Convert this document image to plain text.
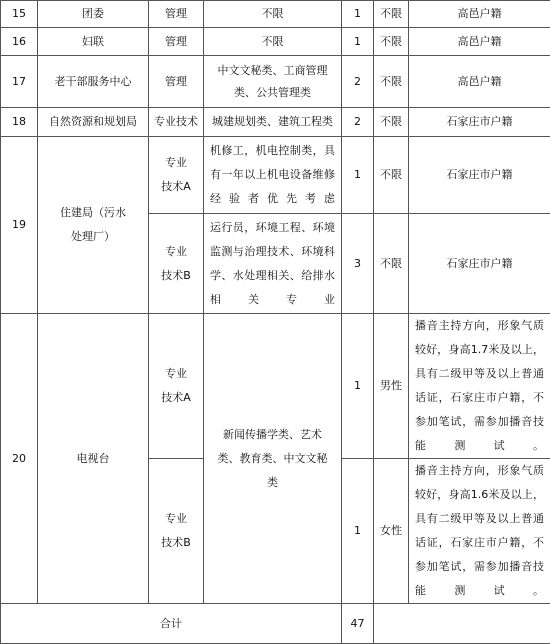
15	团委	管理	不限	1	不限	高邑户籍
16	妇联	管理	不限	1	不限	高邑户籍
17	老干部服务中心	管理	中文文秘类、工商管理类、公共管理类	2	不限	高邑户籍
18	自然资源和规划局	专业技术	城建规划类、建筑工程类	2	不限	石家庄市户籍
19	住建局（污水处理厂）	专业技术A	机修工，机电控制类，具有一年以上机电设备维修经验者优先考虑	1	不限	石家庄市户籍
		专业技术B	运行员，环境工程、环境监测与治理技术、环境科学、水处理相关、给排水相关专业	3	不限	石家庄市户籍
20	电视台	专业技术A	新闻传播学类、艺术类、教育类、中文文秘类	1	男性	播音主持方向，形象气质较好，身高1.7米及以上，具有二级甲等及以上普通话证，石家庄市户籍，不参加笔试，需参加播音技能测试。
		专业技术B		1	女性	播音主持方向，形象气质较好，身高1.6米及以上，具有二级甲等及以上普通话证，石家庄市户籍，不参加笔试，需参加播音技能测试。
合计				47		
